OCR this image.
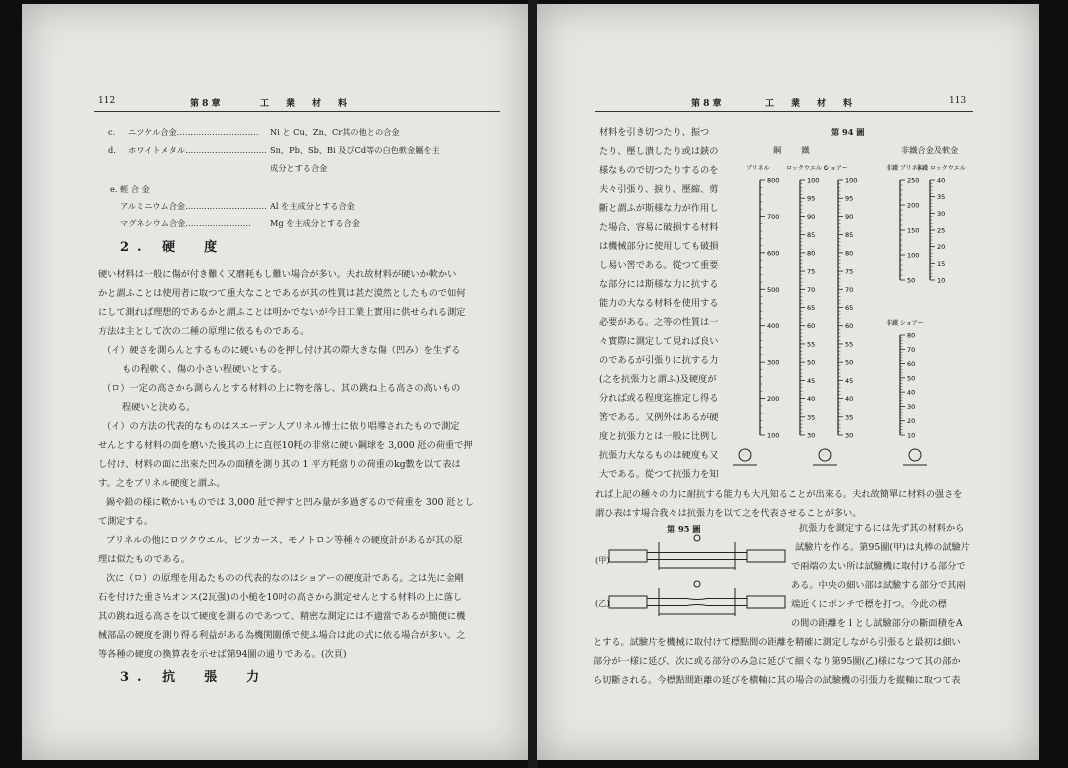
112	第 8 章	工　業　材　料
c. ニツケル合金………………………… Ni と Cu、Zn、Cr其の他との合金
d. ホワイトメタル………………………… Sn、Pb、Sb、Bi 及びCd等の白色軟金屬を主
成分とする合金
e. 輕 合 金
アルミニウム合金………………………… Al を主成分とする合金
マグネシウム合金…………………… Mg を主成分とする合金
2. 硬　度
硬い材料は一般に傷が付き難く又磨耗もし難い場合が多い。夫れ故材料が硬いか軟かい
かと謂ふことは使用者に取つて重大なことであるが其の性質は甚だ漠然としたもので如何
にして測れば理想的であるかと謂ふことは明かでないが今日工業上實用に供せられる測定
方法は主として次の二種の原理に依るものである。
（イ）硬さを測らんとするものに硬いものを押し付け其の際大きな傷（凹み）を生ずる
もの程軟く、傷の小さい程硬いとする。
（ロ）一定の高さから測らんとする材料の上に物を落し、其の跳ね上る高さの高いもの
程硬いと決める。
（イ）の方法の代表的なものはスエーデン人ブリネル博士に依り唱導されたもので測定
せんとする材料の面を磨いた後其の上に直徑10粍の非常に硬い鋼球を 3,000 瓩の荷重で押
し付け、材料の面に出來た凹みの面積を測り其の 1 平方粍當りの荷重のkg數を以て表は
す。之をブリネル硬度と謂ふ。
錫や鉛の様に軟かいものでは 3,000 瓩で押すと凹み量が多過ぎるので荷重を 300 瓩とし
て測定する。
ブリネルの他にロツクウエル、ビツカース、モノトロン等種々の硬度計があるが其の原
理は似たものである。
次に（ロ）の原理を用ゐたものの代表的なのはショアーの硬度計である。之は先に金剛
石を付けた重さ½オンス(2瓦强)の小槌を10吋の高さから測定せんとする材料の上に落し
其の跳ね返る高さを以て硬度を測るのであつて、精密な測定には不適當であるが簡便に機
械部品の硬度を測り得る利益がある為機関關係で使ふ場合は此の式に依る場合が多い。之
等各種の硬度の換算表を示せば第94圖の通りである。(次頁)
3. 抗　張　力
第 8 章	工　業　材　料	113
第 94 圖
鋼　鐵	非鐵合金及軟金
材料を引き切つたり、振つ
たり、壓し潰したり或は鋏の
様なもので切つたりするのを
夫々引張り、捩り、壓縮、剪
斷と謂ふが斯様な力が作用し
た場合、容易に破損する材料
は機械部分に使用しても破損
し易い筈である。從つて重要
な部分には斯様な力に抗する
能力の大なる材料を使用する
必要がある。之等の性質は一
々實際に測定して見れば良い
のであるが引張りに抗する力
(之を抗張力と謂ふ)及硬度が
分れば或る程度迄推定し得る
筈である。又例外はあるが硬
度と抗張力とは一般に比例し
抗張力大なるものは硬度も又
大である。從つて抗張力を知
ブリネル
800
700
600
500
400
300
200
100
ロックウエル C
100
95
90
85
80
75
70
65
60
55
50
45
40
35
30
ショアー
100
95
90
85
80
75
70
65
60
55
50
45
40
35
30
非鐵 ブリネル
250
200
150
100
50
非鐵 ロックウエル
40
35
30
25
20
15
10
非鐵 ショアー
80
70
60
50
40
30
20
10
れば上記の種々の力に耐抗する能力も大凡知ることが出來る。夫れ故簡單に材料の强さを
謂ひ表はす場合我々は抗張力を以て之を代表させることが多い。
第 95 圖
(甲)
(乙)
抗張力を測定するには先ず其の材料から
試驗片を作る。第95圖(甲)は丸棒の試驗片
で兩端の太い所は試驗機に取付ける部分で
ある。中央の細い部は試驗する部分で其兩
端近くにポンチで標を打つ。今此の標
の間の距離を l とし試驗部分の斷面積をA
とする。試驗片を機械に取付けて標點間の距離を精確に測定しながら引張ると最初は細い
部分が一様に延び、次に或る部分のみ急に延びて細くなり第95圖(乙)様になつて其の部か
ら切斷される。今標點間距離の延びを横軸に其の場合の試驗機の引張力を縦軸に取つて表
